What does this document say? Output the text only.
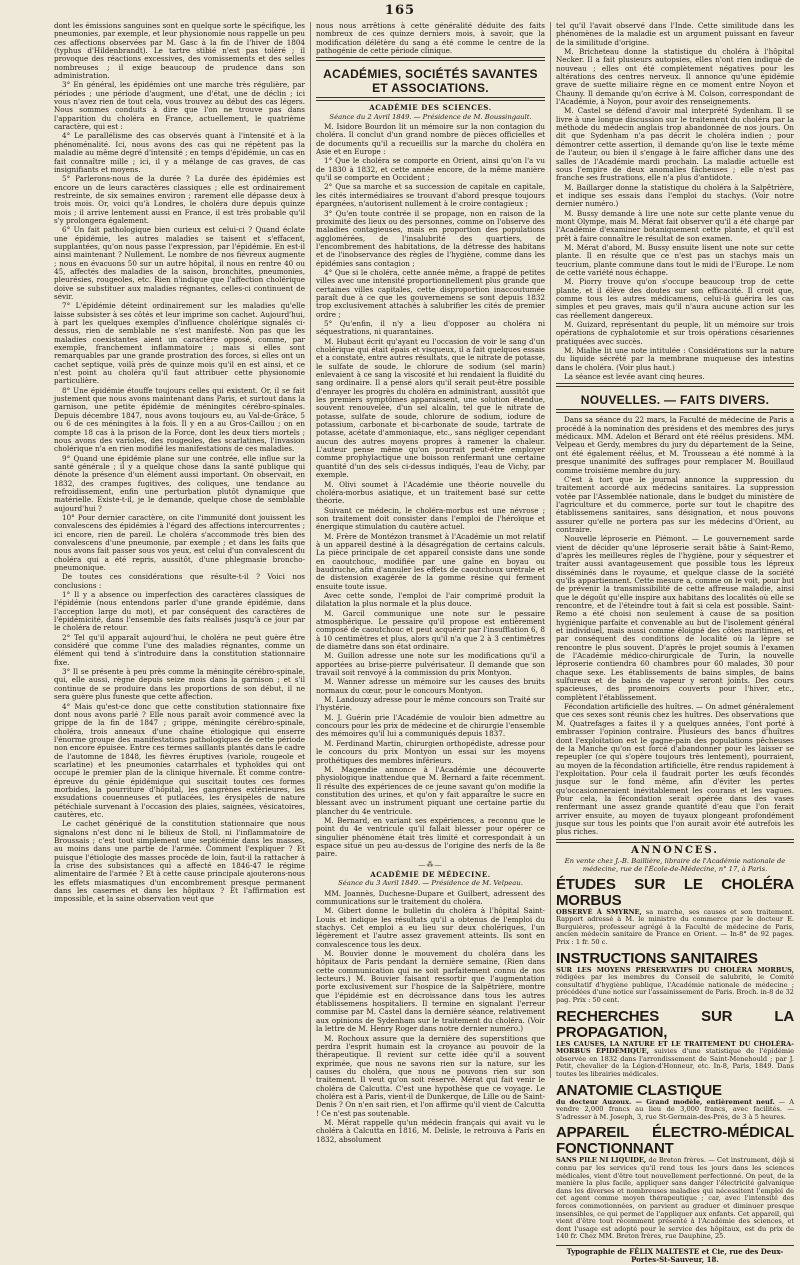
165

dont les émissions sanguines sont en quelque sorte le spécifique, les pneumonies, par exemple, et leur physionomie nous rappelle un peu ces affections observées par M. Gasc à la fin de l'hiver de 1804 (typhus d'Hildenbrandt). Le tartre stibié n'est pas toléré ; il provoque des réactions excessives, des vomissements et des selles nombreuses ; il exige beaucoup de prudence dans son administration.

3° En général, les épidémies ont une marche très régulière, par périodes ; une période d'augment, une d'état, une de déclin ; ici vous n'avez rien de tout cela, vous trouvez au début des cas légers. Nous sommes conduits à dire que l'on ne trouve pas dans l'apparition du choléra en France, actuellement, le quatrième caractère, qui est :

4° Le parallélisme des cas observés quant à l'intensité et à la phénoménalité. Ici, nous avons des cas qui ne répètent pas la maladie au même degré d'intensité ; en temps d'épidémie, un cas en fait connaître mille ; ici, il y a mélange de cas graves, de cas insignifiants et moyens.

5° Parlerons-nous de la durée ? La durée des épidémies est encore un de leurs caractères classiques ; elle est ordinairement restreinte, de six semaines environ ; rarement elle dépasse deux à trois mois. Or, voici qu'à Londres, le choléra dure depuis quinze mois ; il arrive lentement aussi en France, il est très probable qu'il s'y prolongera également.

6° Un fait pathologique bien curieux est celui-ci ? Quand éclate une épidémie, les autres maladies se taisent et s'effacent, supplantées, qu'on nous passe l'expression, par l'épidémie. En est-il ainsi maintenant ? Nullement. Le nombre de nos fiévreux augmente ; nous en évacuons 50 sur un autre hôpital, il nous en rentre 40 ou 45, affectés des maladies de la saison, bronchites, pneumonies, pleurésies, rougeoles, etc. Rien n'indique que l'affection cholérique doive se substituer aux maladies régnantes, celles-ci continuent de sévir.

7° L'épidémie déteint ordinairement sur les maladies qu'elle laisse subsister à ses côtés et leur imprime son cachet. Aujourd'hui, à part les quelques exemples d'influence cholérique signalés ci-dessus, rien de semblable ne s'est manifesté. Non pas que les maladies coexistantes aient un caractère opposé, comme, par exemple, franchement inflammatoire ; mais si elles sont remarquables par une grande prostration des forces, si elles ont un cachet septique, voilà près de quinze mois qu'il en est ainsi, et ce n'est point au choléra qu'il faut attribuer cette physionomie particulière.

8° Une épidémie étouffe toujours celles qui existent. Or, il se fait justement que nous avons maintenant dans Paris, et surtout dans la garnison, une petite épidémie de méningites cérébro-spinales. Depuis décembre 1847, nous avons toujours eu, au Val-de-Grâce, 5 ou 6 de ces méningites à la fois. Il y en a au Gros-Caillou ; on en compte 18 cas à la prison de la Force, dont les deux tiers mortels ; nous avons des varioles, des rougeoles, des scarlatines, l'invasion cholérique n'a en rien modifié les manifestations de ces maladies.

9° Quand une épidémie plane sur une contrée, elle influe sur la santé générale ; il y a quelque chose dans la santé publique qui dénote la présence d'un élément aussi important. On observait, en 1832, des crampes fugitives, des coliques, une tendance au refroidissement, enfin une perturbation plutôt dynamique que matérielle. Existe-t-il, je le demande, quelque chose de semblable aujourd'hui ?

10° Pour dernier caractère, on cite l'immunité dont jouissent les convalescens des épidémies à l'égard des affections intercurrentes ; ici encore, rien de pareil. Le choléra s'accommode très bien des convalescens d'une pneumonie, par exemple ; et dans les faits que nous avons fait passer sous vos yeux, est celui d'un convalescent du choléra qui a été repris, aussitôt, d'une phlegmasie broncho-pneumonique.

De toutes ces considérations que résulte-t-il ? Voici nos conclusions :

1° Il y a absence ou imperfection des caractères classiques de l'épidémie (nous entendons parler d'une grande épidémie, dans l'acception large du mot), et par conséquent des caractères de l'épidémicité, dans l'ensemble des faits réalisés jusqu'à ce jour par le choléra de retour.

2° Tel qu'il apparaît aujourd'hui, le choléra ne peut guère être considéré que comme l'une des maladies régnantes, comme un élément qui tend à s'introduire dans la constitution stationnaire fixe.

3° Il se présente à peu près comme la méningite cérébro-spinale, qui, elle aussi, règne depuis seize mois dans la garnison ; et s'il continue de se produire dans les proportions de son début, il ne sera guère plus funeste que cette affection.

4° Mais qu'est-ce donc que cette constitution stationnaire fixe dont nous avons parlé ? Elle nous paraît avoir commencé avec la grippe de la fin de 1847 ; grippe, méningite cérébro-spinale, choléra, trois anneaux d'une chaîne étiologique qui enserre l'énorme groupe des manifestations pathologiques de cette période non encore épuisée. Entre ces termes saillants plantés dans le cadre de l'automne de 1848, les fièvres éruptives (variole, rougeole et scarlatine) et les pneumonies catarrhales et typhoïdes qui ont occupé le premier plan de la clinique hivernale. Et comme contre-épreuve du génie épidémique qui suscitait toutes ces formes morbides, la pourriture d'hôpital, les gangrènes extérieures, les exsudations couenneuses et putlacées, les érysipèles de nature pétéchiale survenant à l'occasion des plaies, saignées, vésicatoires, cautères, etc.

Le cachet génériqué de la constitution stationnaire que nous signalons n'est donc ni le bilieux de Stoll, ni l'inflammatoire de Broussais ; c'est tout simplement une septicémie dans les masses, au moins dans une partie de l'armée. Comment l'expliquer ? Et puisque l'étiologie des masses procède de loin, faut-il la rattacher à la crise des subsistances qui a affecté en 1846-47 le régime alimentaire de l'armée ? Et à cette cause principale ajouterons-nous les effets miasmatiques d'un encombrement presque permanent dans les casernes et dans les hôpitaux ? Et l'affirmation est impossible, et la saine observation veut que

nous nous arrêtions à cette généralité déduite des faits nombreux de ces quinze derniers mois, à savoir, que la modification délétère du sang a été comme le centre de la pathogénie de cette période clinique.

ACADÉMIES, SOCIÉTÉS SAVANTES ET ASSOCIATIONS.
ACADÉMIE DES SCIENCES.
Séance du 2 Avril 1849. — Présidence de M. Boussingault.

M. Isidore Bourdon lit un mémoire sur la non contagion du choléra. Il conclut d'un grand nombre de pièces officielles et de documents qu'il a recueillis sur la marche du choléra en Asie et en Europe :

1° Que le choléra se comporte en Orient, ainsi qu'on l'a vu de 1830 à 1832, et cette année encore, de la même manière qu'il se comporte en Occident ;

2° Que sa marche et sa succession de capitale en capitale, les cités intermédiaires se trouvant d'abord presque toujours épargnées, n'autorisent nullement à le croire contagieux ;

3° Qu'en toute contrée il se propage, non en raison de la proximité des lieux ou des personnes, comme on l'observe des maladies contagieuses, mais en proportion des populations agglomérées, de l'insalubrité des quartiers, de l'encombrement des habitations, de la détresse des habitans et de l'inobservance des règles de l'hygiène, comme dans les épidémies sans contagion ;

4° Que si le choléra, cette année même, a frappé de petites villes avec une intensité proportionnellement plus grande que certaines villes capitales, cette disproportion inaccoutumée paraît due à ce que les gouvernemens se sont depuis 1832 trop exclusivement attachés à salubrifier les cités de premier ordre ;

5° Qu'enfin, il n'y a lieu d'opposer au choléra ni séquestrations, ni quarantaines.

M. Hubaut écrit qu'ayant eu l'occasion de voir le sang d'un cholérique qui était épais et visqueux, il a fait quelques essais et a constaté, entre autres résultats, que le nitrate de potasse, le sulfate de soude, le chlorure de sodium (sel marin) enlevaient à ce sang la viscosité et lui rendaient la fluidité du sang ordinaire. Il a pensé alors qu'il serait peut-être possible d'enrayer les progrès du choléra en administrant, aussitôt que les premiers symptômes apparaissent, une solution étendue, souvent renouvelée, d'un sel alcalin, tel que le nitrate de potasse, sulfate de soude, chlorure de sodium, iodure de potassium, carbonate et bi-carbonate de soude, tartrate de potasse, acétate d'ammoniaque, etc., sans négliger cependant aucun des autres moyens propres à ramener la chaleur. L'auteur pense même qu'on pourrait peut-être employer comme prophylactique une boisson renfermant une certaine quantité d'un des sels ci-dessus indiqués, l'eau de Vichy, par exemple.

M. Olivi soumet à l'Académie une théorie nouvelle du choléra-morbus asiatique, et un traitement basé sur cette théorie.

Suivant ce médecin, le choléra-morbus est une névrose ; son traitement doit consister dans l'emploi de l'héroïque et énergique stimulation du cautère actuel.

M. Frère de Montézon transmet à l'Académie un mot relatif à un appareil destiné à la désagrégation de certains calculs. La pièce principale de cet appareil consiste dans une sonde en caoutchouc, modifiée par une gaîne en boyau ou baudruche, afin d'annuler les effets de caoutchoux urétrale et de distension exagérée de la gomme résine qui ferment ensuite toute issue.

Avec cette sonde, l'emploi de l'air comprimé produit la dilatation la plus normale et la plus douce.

M. Garcil communique une note sur le pessaire atmosphérique. Le pessaire qu'il propose est entièrement composé de caoutchouc et peut acquérir par l'insufflation 6, 8 à 10 centimètres et plus, alors qu'il n'a que 2 à 3 centimètres de diamètre dans son état ordinaire.

M. Guillon adresse une note sur les modifications qu'il a apportées au brise-pierre pulvérisateur. Il demande que son travail soit renvoyé à la commission du prix Montyon.

M. Wanner adresse un mémoire sur les causes des bruits normaux du cœur, pour le concours Montyon.

M. Landouzy adresse pour le même concours son Traité sur l'hystérie.

M. J. Guérin prie l'Académie de vouloir bien admettre au concours pour les prix de médecine et de chirurgie l'ensemble des mémoires qu'il lui a communiqués depuis 1837.

M. Ferdinand Martin, chirurgien orthopédiste, adresse pour le concours du prix Montyon un essai sur les moyens prothétiques des membres inférieurs.

M. Magendie annonce à l'Académie une découverte physiologique inattendue que M. Bernard a faite récemment. Il résulte des expériences de ce jeune savant qu'on modifie la constitution des urines, et qu'on y fait apparaître le sucre en blessant avec un instrument piquant une certaine partie du plancher du 4e ventricule.

M. Bernard, en variant ses expériences, a reconnu que le point du 4e ventricule qu'il fallait blesser pour opérer ce singulier phénomène était très limité et correspondait à un espace situé un peu au-dessus de l'origine des nerfs de la 8e paire.

—⁂—
ACADÉMIE DE MÉDECINE.
Séance du 3 Avril 1849. — Présidence de M. Velpeau.

MM. Joannès, Duchesne-Dupare et Guilbert, adressent des communications sur le traitement du choléra.

M. Gibert donne le bulletin du choléra à l'hôpital Saint-Louis et indique les résultats qu'il a obtenus de l'emploi du stachys. Cet emploi a eu lieu sur deux cholériques, l'un légèrement et l'autre assez gravement atteints. Ils sont en convalescence tous les deux.

M. Bouvier donne le mouvement du choléra dans les hôpitaux de Paris pendant la dernière semaine, (Rien dans cette communication qui ne soit parfaitement connu de nos lecteurs.) M. Bouvier faisant ressortir que l'augmentation porte exclusivement sur l'hospice de la Salpêtrière, montre que l'épidémie est en décroissance dans tous les autres établissemens hospitaliers. Il termine en signalant l'erreur commise par M. Castel dans la dernière séance, relativement aux opinions de Sydenham sur le traitement du choléra. (Voir la lettre de M. Henry Roger dans notre dernier numéro.)

M. Rochoux assure que la dernière des superstitions que perdra l'esprit humain est la croyance au pouvoir de la thérapeutique. Il revient sur cette idée qu'il a souvent exprimée, que nous ne savons rien sur la nature, sur les causes du choléra, que nous ne pouvons rien sur son traitement. Il veut qu'on soit réservé. Mérat qui fait venir le choléra de Calcutta. C'est une hypothèse que ce voyage. Le choléra est à Paris, vient-il de Dunkerque, de Lille ou de Saint-Denis ? On n'en sait rien, et l'on affirme qu'il vient de Calcutta ! Ce n'est pas soutenable.

M. Mérat rappelle qu'un médecin français qui avait vu le choléra à Calcutta en 1816, M. Delisle, le retrouva à Paris en 1832, absolument

tel qu'il l'avait observé dans l'Inde. Cette similitude dans les phénomènes de la maladie est un argument puissant en faveur de la similitude d'origine.

M. Bricheteau donne la statistique du choléra à l'hôpital Necker. Il a fait plusieurs autopsies, elles n'ont rien indiqué de nouveau ; elles ont été complètement négatives pour les altérations des centres nerveux. Il annonce qu'une épidémie grave de suette miliaire règne en ce moment entre Noyon et Chauny. Il demande qu'on écrive à M. Colson, correspondant de l'Académie, à Noyon, pour avoir des renseignements.

M. Castel se défend d'avoir mal interprété Sydenham. Il se livre à une longue discussion sur le traitement du choléra par la méthode du médecin anglais trop abandonnée de nos jours. On dit que Sydenham n'a pas décrit le choléra indien ; pour démontrer cette assertion, il demande qu'on lise le texte même de l'auteur, ou bien il s'engage à le faire afficher dans une des salles de l'Académie mardi prochain. La maladie actuelle est sous l'empire de deux anomalies fâcheuses ; elle n'est pas franche ses frustrations, elle n'a plus d'antidote.

M. Baillarger donne la statistique du choléra à la Salpêtrière, et indique ses essais dans l'emploi du stachys. (Voir notre dernier numéro.)

M. Bussy demande à lire une note sur cette plante venue du mont Olympe, mais M. Mérat fait observer qu'il a été chargé par l'Académie d'examiner botaniquement cette plante, et qu'il est prêt à faire connaître le résultat de son examen.

M. Mérat d'abord, M. Bussy ensuite lisent une note sur cette plante. Il en résulte que ce n'est pas un stachys mais un teucrium, plante commune dans tout le midi de l'Europe. Le nom de cette variété nous échappe.

M. Piorry trouve qu'on s'occupe beaucoup trop de cette plante, et il élève des doutes sur son efficacité. Il croit que, comme tous les autres médicamens, celui-là guérira les cas simples et peu graves, mais qu'il n'aura aucune action sur les cas réellement dangereux.

M. Guizard, représentant du peuple, lit un mémoire sur trois opérations de cyphalotomie et sur trois opérations césariennes pratiquées avec succès.

M. Mialhe lit une note intitulée : Considérations sur la nature du liquide sécrété par la membrane muqueuse des intestins dans le choléra. (Voir plus haut.)

La séance est levée avant cinq heures.

NOUVELLES. — FAITS DIVERS.

Dans sa séance du 22 mars, la Faculté de médecine de Paris a procédé à la nomination des présidens et des membres des jurys médicaux. MM. Adelon et Bérard ont été réélus présidens. MM. Velpeau et Gerdy, membres du jury du département de la Seine, ont été également réélus, et M. Trousseau a été nommé à la presque unanimité des suffrages pour remplacer M. Bouillaud comme troisième membre du jury.

C'est à tort que le journal annonce la suppression du traitement accordé aux médecins sanitaires. La suppression votée par l'Assemblée nationale, dans le budget du ministère de l'agriculture et du commerce, porte sur tout le chapitre des établissemens sanitaires, sans désignation, et nous pouvons assurer qu'elle ne portera pas sur les médecins d'Orient, au contraire.

Nouvelle léproserie en Piémont. — Le gouvernement sarde vient de décider qu'une léproserie serait bâtie à Saint-Remo, d'après les meilleures règles de l'hygiène, pour y séquestrer et traiter aussi avantageusement que possible tous les lépreux disséminés dans le royaume, et quelque classe de la société qu'ils appartiennent. Cette mesure a, comme on le voit, pour but de prévenir la transmissibilité de cette affreuse maladie, ainsi que le dégoût qu'elle inspire aux habitans des localités où elle se rencontre, et de l'éteindre tout à fait si cela est possible. Saint-Remo a été choisi non seulement à cause de sa position hygiénique parfaite et convenable au but de l'isolement général et individuel, mais aussi comme éloigné des côtes maritimes, et par conséquent des conditions de localité où la lèpre se rencontre le plus souvent. D'après le projet soumis à l'examen de l'Académie médico-chirurgicale de Turin, la nouvelle léproserie contiendra 60 chambres pour 60 malades, 30 pour chaque sexe. Les établissements de bains simples, de bains sulfureux et de bains de vapeur y seront joints. Des cours spacieuses, des promenoirs couverts pour l'hiver, etc., complètent l'établissement.

Fécondation artificielle des huîtres. — On admet généralement que ces sexes sont réunis chez les huîtres. Des observations que M. Quatrefages a faites il y a quelques années, l'ont porté à embrasser l'opinion contraire. Plusieurs des bancs d'huîtres dont l'exploitation est le gagne-pain des populations pêcheuses de la Manche qu'on est forcé d'abandonner pour les laisser se repeupler (ce qui s'opère toujours très lentement), pourraient, au moyen de la fécondation artificielle, être rendus rapidement à l'exploitation. Pour cela il faudrait porter les œufs fécondés jusque sur le fond même, afin d'éviter les pertes qu'occasionneraient inévitablement les courans et les vagues. Pour cela, la fécondation serait opérée dans des vases renfermant une assez grande quantité d'eau que l'on ferait arriver ensuite, au moyen de tuyaux plongeant profondément jusque sur tous les points que l'on aurait avoir été autrefois les plus riches.

ANNONCES.
En vente chez J.-B. Baillière, libraire de l'Académie nationale de médecine, rue de l'École-de-Médecine, n° 17, à Paris.
ÉTUDES SUR LE CHOLÉRA MORBUS
OBSERVÉ À SMYRNE, sa marche, ses causes et son traitement. Rapport adressé à M. le ministre du commerce par le docteur E. Burguières, professeur agrégé à la Faculté de médecine de Paris, ancien médecin sanitaire de France en Orient. — In-8° de 92 pages. Prix : 1 fr. 50 c.
INSTRUCTIONS SANITAIRES
SUR LES MOYENS PRÉSERVATIFS DU CHOLÉRA MORBUS, rédigées par les membres du Conseil de salubrité, le Comité consultatif d'hygiène publique, l'Académie nationale de médecine ; précédées d'une notice sur l'assainissement de Paris. Broch. in-8 de 32 pag. Prix : 50 cent.
RECHERCHES SUR LA PROPAGATION,
LES CAUSES, LA NATURE ET LE TRAITEMENT DU CHOLÉRA-MORBUS ÉPIDÉMIQUE, suivies d'une statistique de l'épidémie observée en 1832 dans l'arrondissement de Saint-Menehould ; par J. Petit, chevalier de la Légion-d'Honneur, etc. In-8, Paris, 1849. Dans toutes les librairies médicales.
ANATOMIE CLASTIQUE
du docteur Auzoux. — Grand modèle, entièrement neuf. — A vendre 2,000 francs au lieu de 3,000 francs, avec facilités. — S'adresser à M. Joseph, 3, rue St-Germain-des-Prés, de 3 à 5 heures.
APPAREIL ÉLECTRO-MÉDICAL FONCTIONNANT
SANS PILE NI LIQUIDE, de Breton frères. — Cet instrument, déjà si connu par les services qu'il rend tous les jours dans les sciences médicales, vient d'être tout nouvellement perfectionné. On peut, de la manière la plus facile, appliquer sans danger l'électricité galvanique dans les diverses et nombreuses maladies qui nécessitent l'emploi de cet agent comme moyen thérapeutique ; car, avec l'intensité des forces commotionnées, on parvient au graduer et diminuer presque insensibles, ce qui permet de l'appliquer aux enfants. Cet appareil, qui vient d'être tout récemment présenté à l'Académie des sciences, et dont l'usage est adopté pour le service des hôpitaux, est du prix de 140 fr. Chez MM. Breton frères, rue Dauphine, 25.
Typographie de FÉLIX MALTESTE et Cie, rue des Deux-Portes-St-Sauveur, 18.
